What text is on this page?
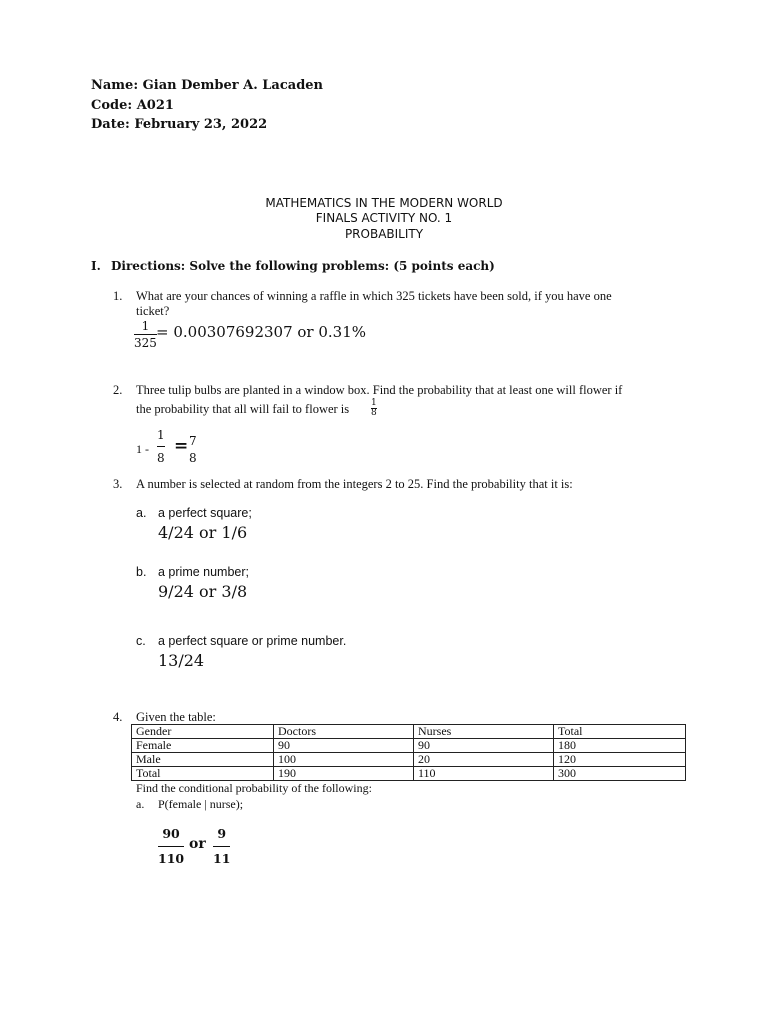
Name: Gian Dember A. Lacaden
Code: A021
Date: February 23, 2022
MATHEMATICS IN THE MODERN WORLD
FINALS ACTIVITY NO. 1
PROBABILITY
I. Directions: Solve the following problems: (5 points each)
1. What are your chances of winning a raffle in which 325 tickets have been sold, if you have one
ticket?
1
325
= 0.00307692307 or 0.31%
2. Three tulip bulbs are planted in a window box. Find the probability that at least one will flower if
the probability that all will fail to flower is 1
8
1 -
1
8
= 7
8
3. A number is selected at random from the integers 2 to 25. Find the probability that it is:
a. a perfect square;
4/24 or 1/6
b. a prime number;
9/24 or 3/8
c. a perfect square or prime number.
13/24
4. Given the table:
Gender	Doctors	Nurses	Total
Female	90	90	180
Male	100	20	120
Total	190	110	300
Find the conditional probability of the following:
a. P(female | nurse);
90
110
or
9
11
